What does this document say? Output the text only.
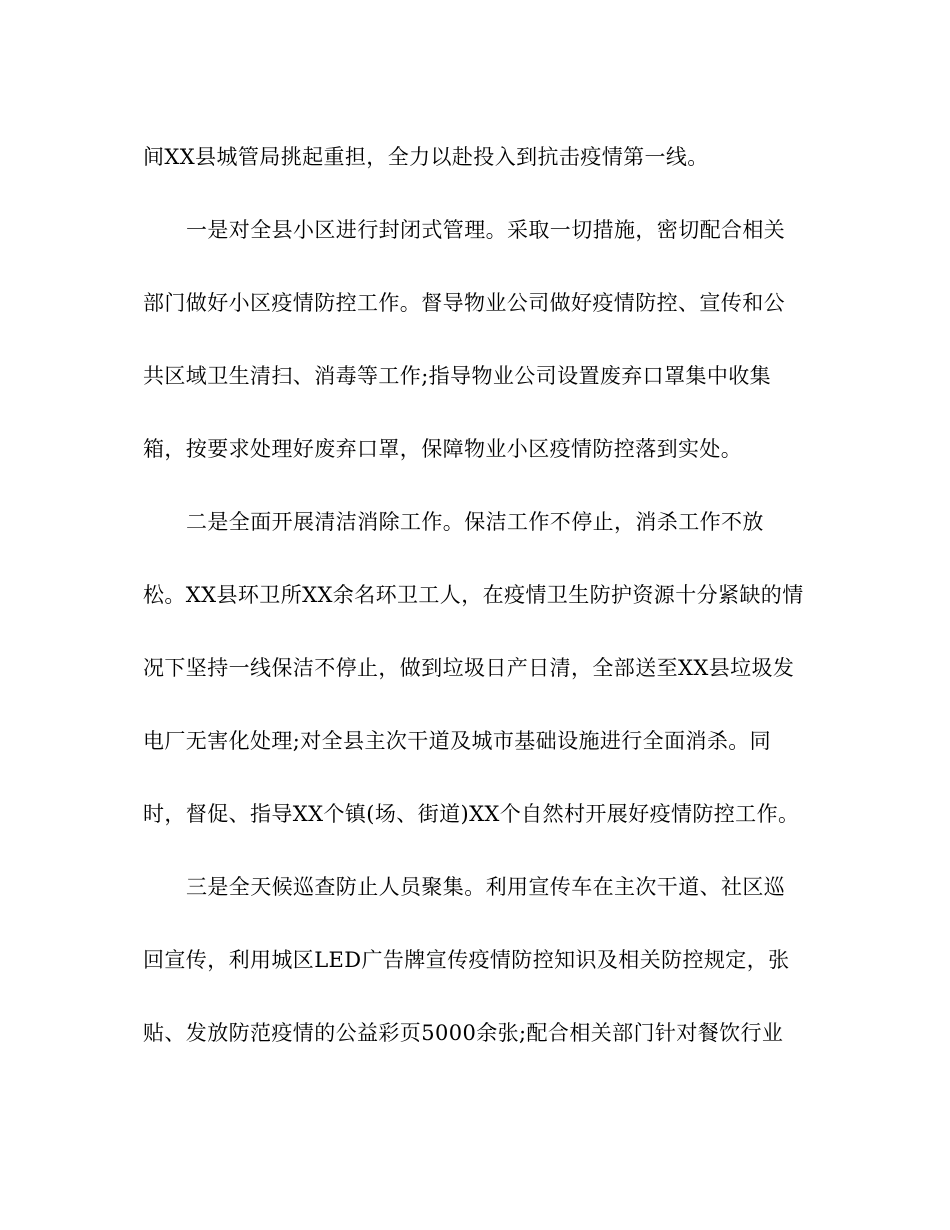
间XX县城管局挑起重担，全力以赴投入到抗击疫情第一线。
一是对全县小区进行封闭式管理。采取一切措施，密切配合相关
部门做好小区疫情防控工作。督导物业公司做好疫情防控、宣传和公
共区域卫生清扫、消毒等工作;指导物业公司设置废弃口罩集中收集
箱，按要求处理好废弃口罩，保障物业小区疫情防控落到实处。
二是全面开展清洁消除工作。保洁工作不停止，消杀工作不放
松。XX县环卫所XX余名环卫工人，在疫情卫生防护资源十分紧缺的情
况下坚持一线保洁不停止，做到垃圾日产日清，全部送至XX县垃圾发
电厂无害化处理;对全县主次干道及城市基础设施进行全面消杀。同
时，督促、指导XX个镇(场、街道)XX个自然村开展好疫情防控工作。
三是全天候巡查防止人员聚集。利用宣传车在主次干道、社区巡
回宣传，利用城区LED广告牌宣传疫情防控知识及相关防控规定，张
贴、发放防范疫情的公益彩页5000余张;配合相关部门针对餐饮行业
